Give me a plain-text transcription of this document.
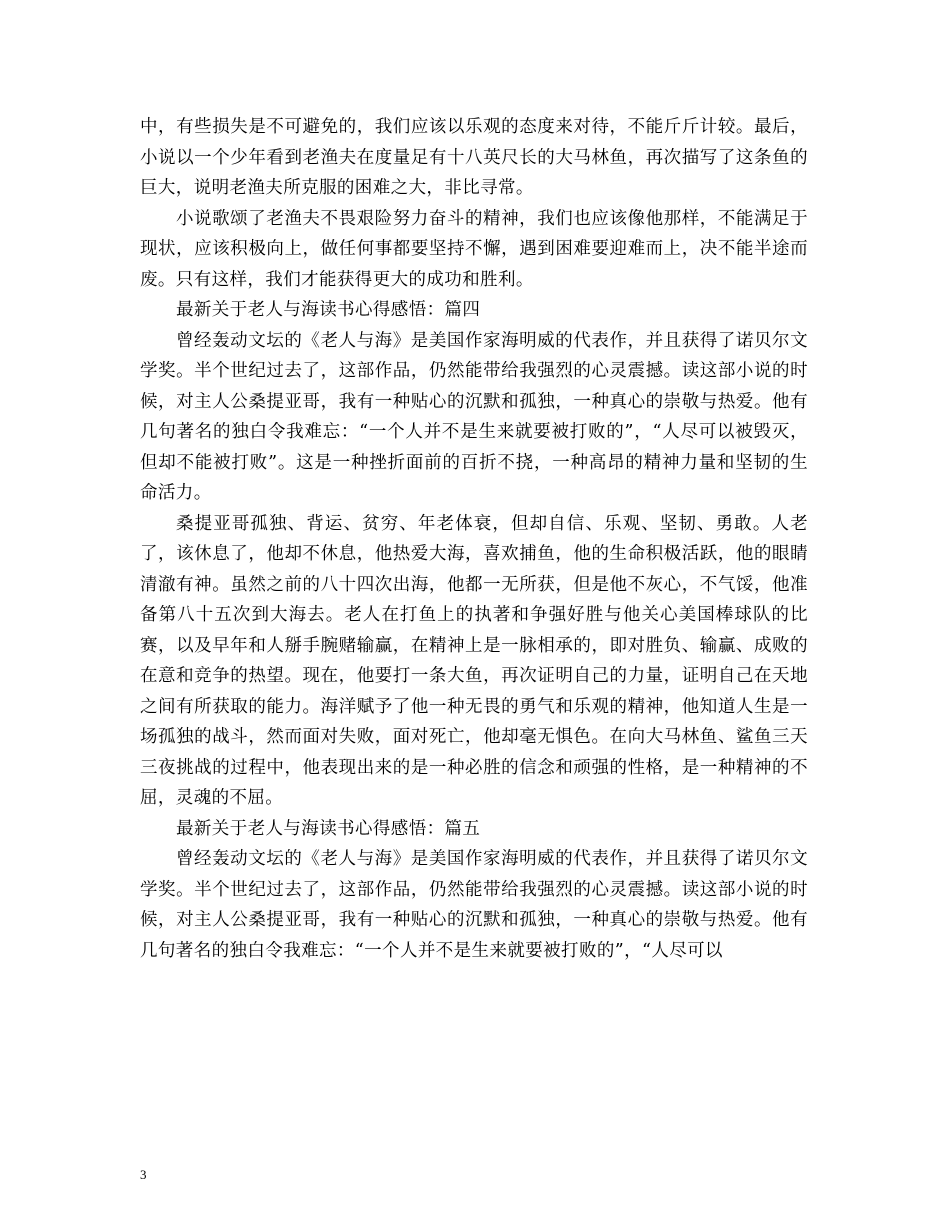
中，有些损失是不可避免的，我们应该以乐观的态度来对待，不能斤斤计较。最后，小说以一个少年看到老渔夫在度量足有十八英尺长的大马林鱼，再次描写了这条鱼的巨大，说明老渔夫所克服的困难之大，非比寻常。

小说歌颂了老渔夫不畏艰险努力奋斗的精神，我们也应该像他那样，不能满足于现状，应该积极向上，做任何事都要坚持不懈，遇到困难要迎难而上，决不能半途而废。只有这样，我们才能获得更大的成功和胜利。

最新关于老人与海读书心得感悟：篇四

曾经轰动文坛的《老人与海》是美国作家海明威的代表作，并且获得了诺贝尔文学奖。半个世纪过去了，这部作品，仍然能带给我强烈的心灵震撼。读这部小说的时候，对主人公桑提亚哥，我有一种贴心的沉默和孤独，一种真心的崇敬与热爱。他有几句著名的独白令我难忘：“一个人并不是生来就要被打败的”，“人尽可以被毁灭，但却不能被打败”。这是一种挫折面前的百折不挠，一种高昂的精神力量和坚韧的生命活力。

桑提亚哥孤独、背运、贫穷、年老体衰，但却自信、乐观、坚韧、勇敢。人老了，该休息了，他却不休息，他热爱大海，喜欢捕鱼，他的生命积极活跃，他的眼睛清澈有神。虽然之前的八十四次出海，他都一无所获，但是他不灰心，不气馁，他准备第八十五次到大海去。老人在打鱼上的执著和争强好胜与他关心美国棒球队的比赛，以及早年和人掰手腕赌输赢，在精神上是一脉相承的，即对胜负、输赢、成败的在意和竞争的热望。现在，他要打一条大鱼，再次证明自己的力量，证明自己在天地之间有所获取的能力。海洋赋予了他一种无畏的勇气和乐观的精神，他知道人生是一场孤独的战斗，然而面对失败，面对死亡，他却毫无惧色。在向大马林鱼、鲨鱼三天三夜挑战的过程中，他表现出来的是一种必胜的信念和顽强的性格，是一种精神的不屈，灵魂的不屈。

最新关于老人与海读书心得感悟：篇五

曾经轰动文坛的《老人与海》是美国作家海明威的代表作，并且获得了诺贝尔文学奖。半个世纪过去了，这部作品，仍然能带给我强烈的心灵震撼。读这部小说的时候，对主人公桑提亚哥，我有一种贴心的沉默和孤独，一种真心的崇敬与热爱。他有几句著名的独白令我难忘：“一个人并不是生来就要被打败的”，“人尽可以

3
